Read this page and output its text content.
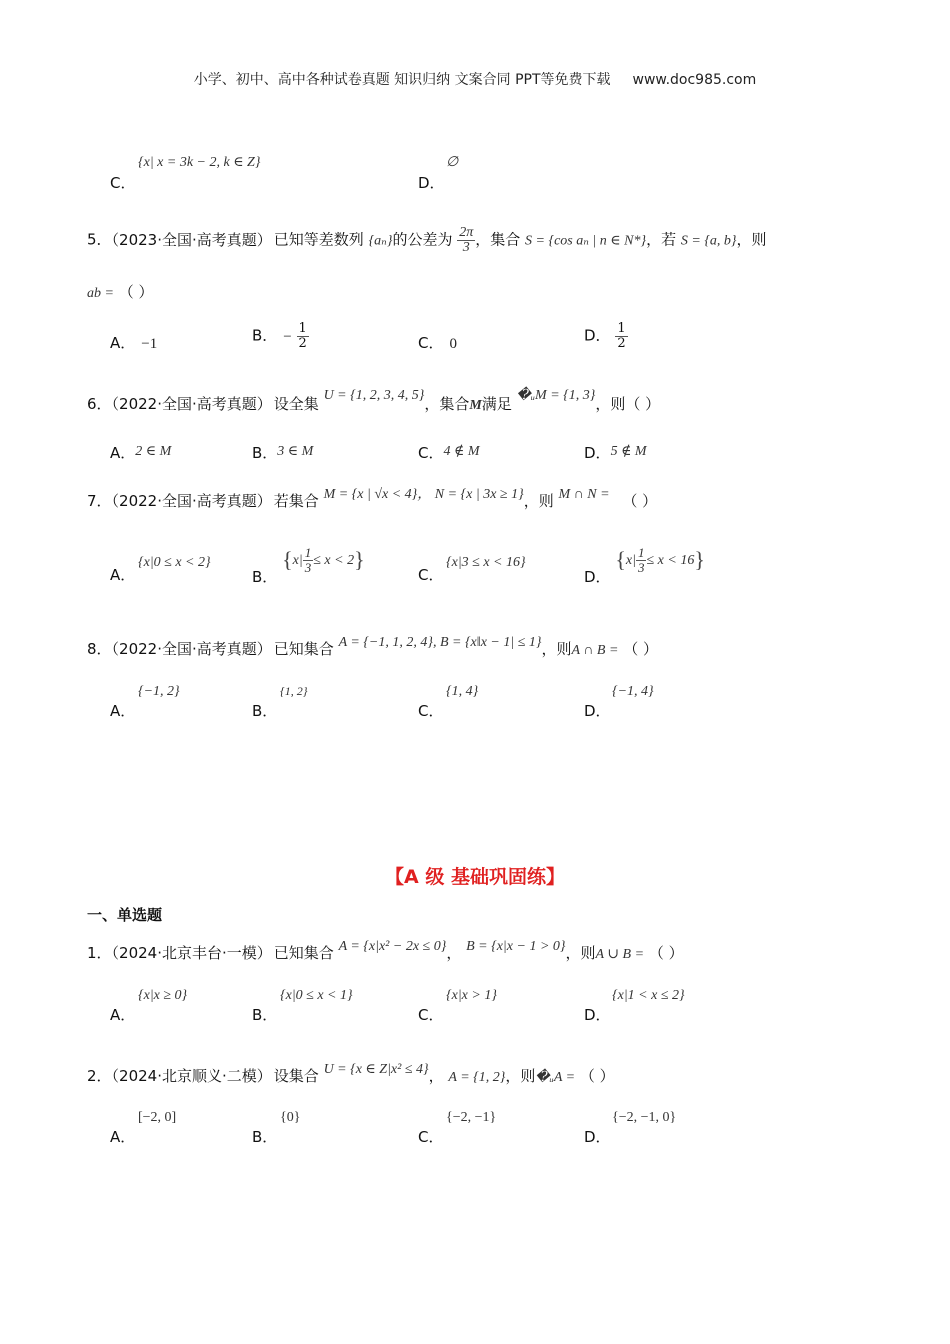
小学、初中、高中各种试卷真题 知识归纳 文案合同 PPT等免费下载 www.doc985.com
C．
{x| x = 3k − 2, k ∈ Z}
D．
∅
5．（2023·全国·高考真题） 已知等差数列 {aₙ}的公差为 $\frac{2\pi}{3}$ ，集合 S = {cos aₙ | n ∈ N*}，若 S = {a, b}，则
ab = （ ）
A． −1	B． − $\frac{1}{2}$	C． 0	D． $\frac{1}{2}$
6．（2022·全国·高考真题） 设全集 U = {1, 2, 3, 4, 5}，集合M满足 �ᵤM = {1, 3}，则（ ）
A．2 ∈ M	B．3 ∈ M	C．4 ∉ M	D．5 ∉ M
7．（2022·全国·高考真题） 若集合 M = {x | √x < 4}， N = {x | 3x ≥ 1}，则 M ∩ N = （ ）
A．
{x|0 ≤ x < 2}
B． $\{x| \frac{1}{3} \le x < 2\}$
C．
{x|3 ≤ x < 16}
D． $\{x| \frac{1}{3} \le x < 16\}$
8．（2022·全国·高考真题） 已知集合 A = {−1, 1, 2, 4}, B = {x‖x − 1| ≤ 1}，则A ∩ B = （ ）
A．
{−1, 2}
B．
{1, 2}
C．
{1, 4}
D．
{−1, 4}
【A 级 基础巩固练】
一、单选题
1．（2024·北京丰台·一模） 已知集合 A = {x|x² − 2x ≤ 0}， B = {x|x − 1 > 0}，则A ∪ B = （ ）
A．
{x|x ≥ 0}
B．
{x|0 ≤ x < 1}
C．
{x|x > 1}
D．
{x|1 < x ≤ 2}
2．（2024·北京顺义·二模） 设集合 U = {x ∈ Z|x² ≤ 4}， A = {1, 2}，则�ᵤA = （ ）
A．
[−2, 0]
B．
{0}
C．
{−2, −1}
D．
{−2, −1, 0}
